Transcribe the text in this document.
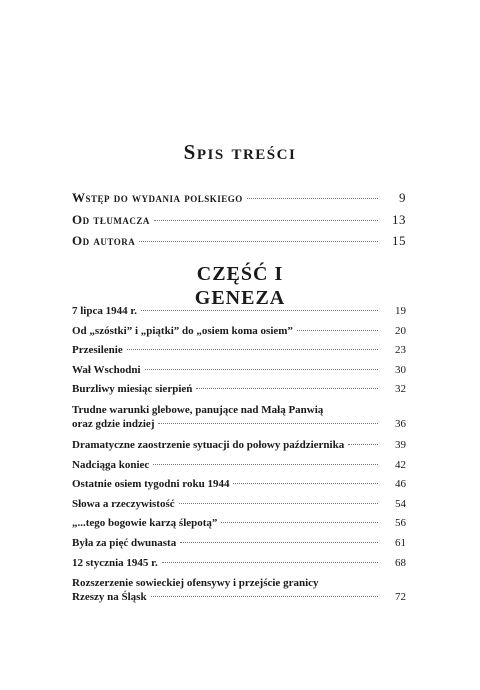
Spis treści
Wstęp do wydania polskiego	9
Od tłumacza	13
Od autora	15
CZĘŚĆ I
GENEZA
7 lipca 1944 r.	19
Od „szóstki” i „piątki” do „osiem koma osiem”	20
Przesilenie	23
Wał Wschodni	30
Burzliwy miesiąc sierpień	32
Trudne warunki glebowe, panujące nad Małą Panwią
oraz gdzie indziej	36
Dramatyczne zaostrzenie sytuacji do połowy października	39
Nadciąga koniec	42
Ostatnie osiem tygodni roku 1944	46
Słowa a rzeczywistość	54
„...tego bogowie karzą ślepotą”	56
Była za pięć dwunasta	61
12 stycznia 1945 r.	68
Rozszerzenie sowieckiej ofensywy i przejście granicy
Rzeszy na Śląsk	72
